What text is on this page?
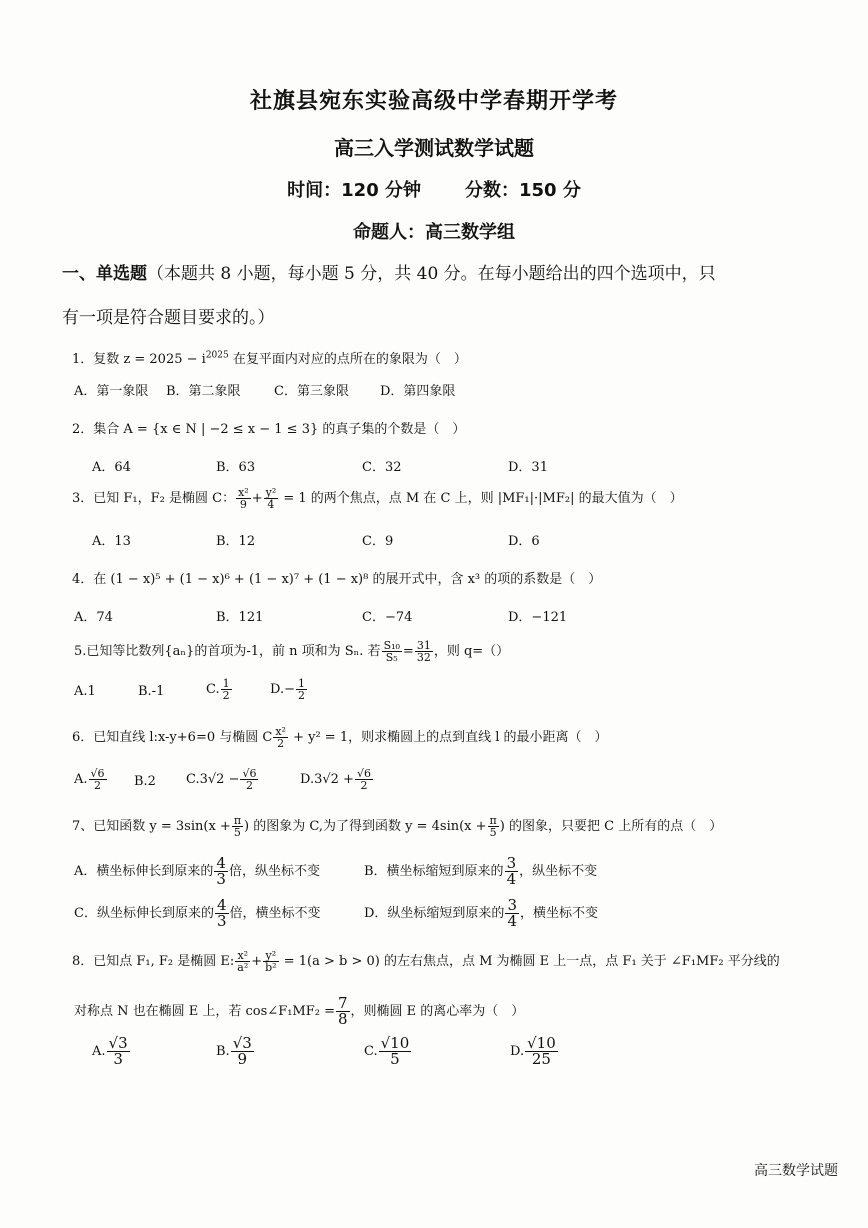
社旗县宛东实验高级中学春期开学考
高三入学测试数学试题
时间：120 分钟 分数：150 分
命题人：高三数学组
一、单选题（本题共 8 小题，每小题 5 分，共 40 分。在每小题给出的四个选项中，只
有一项是符合题目要求的。）
1．复数 $z = 2025 - i^{2025}$ 在复平面内对应的点所在的象限为（　）
A．第一象限 B．第二象限	C．第三象限 D．第四象限
2．集合 A = {x ∈ N | −2 ≤ x − 1 ≤ 3} 的真子集的个数是（　）
A．64	B．63	C．32	D．31
3．已知 F₁，F₂ 是椭圆 C： $\frac{\text{x²}}{9} + \frac{\text{y²}}{4} = 1$ 的两个焦点，点 M 在 C 上，则 |MF₁|·|MF₂| 的最大值为（　）
A．13	B．12	C．9	D．6
4．在 (1 − x)⁵ + (1 − x)⁶ + (1 − x)⁷ + (1 − x)⁸ 的展开式中，含 x³ 的项的系数是（　）
A．74	B．121	C．−74	D．−121
5.已知等比数列{aₙ}的首项为-1，前 n 项和为 Sₙ. 若 $\frac{\text{S₁₀}}{\text{S₅}} = \frac{31}{32}$ ，则 q=（）
A.1	B.-1	C. $\frac{1}{2}$	$D.- \frac{1}{2}$
6．已知直线 l:x-y+6=0 与椭圆 C $\frac{\text{x²}}{2} + y^2 = 1$，则求椭圆上的点到直线 l 的最小距离（　）
A. $\frac{√6}{2} B.2$ $C.3√2 - \frac{√6}{2}$	$D.3√2 + \frac{√6}{2}$
7、已知函数 $y = 3\sin(x + \frac{\pi}{5}$ ) 的图象为 C,为了得到函数 $y = 4\sin(x + \frac{\pi}{5}$ ) 的图象，只要把 C 上所有的点（　）
A．横坐标伸长到原来的 $\frac{4}{3}$ 倍，纵坐标不变	B．横坐标缩短到原来的 $\frac{3}{4}$ ，纵坐标不变
C．纵坐标伸长到原来的 $\frac{4}{3}$ 倍，横坐标不变	D．纵坐标缩短到原来的 $\frac{3}{4}$ ，横坐标不变
8．已知点 F₁, F₂ 是椭圆 E: $\frac{\text{x²}}{\text{a²}} + \frac{\text{y²}}{\text{b²}} = 1(a > b > 0)$ 的左右焦点，点 M 为椭圆 E 上一点，点 F₁ 关于 ∠F₁MF₂ 平分线的
对称点 N 也在椭圆 E 上，若 cos∠F₁MF₂ = $\frac{7}{8}$ ，则椭圆 E 的离心率为（　）
A. $\frac{√3}{3}$	B. $\frac{√3}{9}$	C. $\frac{√10}{5}$	D. $\frac{√10}{25}$
高三数学试题
